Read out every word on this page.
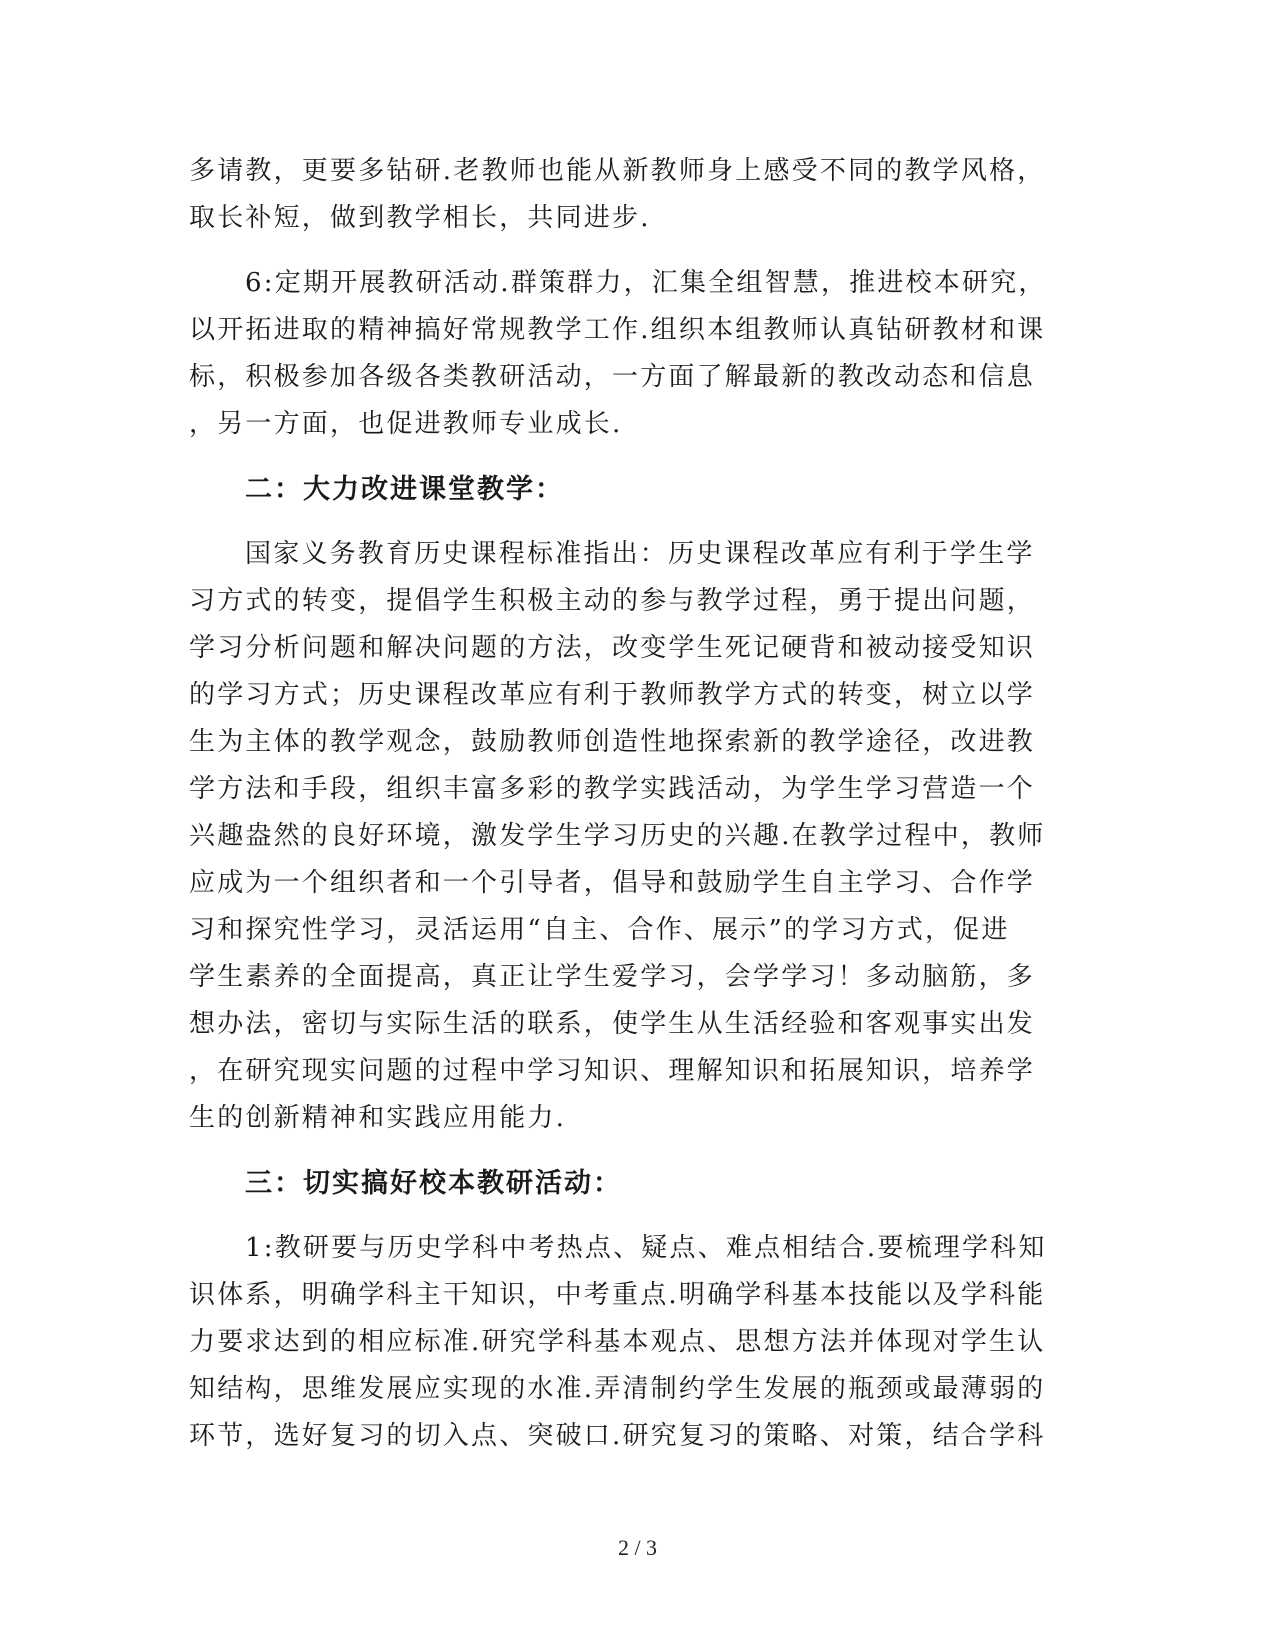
多请教，更要多钻研.老教师也能从新教师身上感受不同的教学风格，
取长补短，做到教学相长，共同进步.
6:定期开展教研活动.群策群力，汇集全组智慧，推进校本研究，
以开拓进取的精神搞好常规教学工作.组织本组教师认真钻研教材和课
标，积极参加各级各类教研活动，一方面了解最新的教改动态和信息
，另一方面，也促进教师专业成长.
二：大力改进课堂教学：
国家义务教育历史课程标准指出：历史课程改革应有利于学生学
习方式的转变，提倡学生积极主动的参与教学过程，勇于提出问题，
学习分析问题和解决问题的方法，改变学生死记硬背和被动接受知识
的学习方式；历史课程改革应有利于教师教学方式的转变，树立以学
生为主体的教学观念，鼓励教师创造性地探索新的教学途径，改进教
学方法和手段，组织丰富多彩的教学实践活动，为学生学习营造一个
兴趣盎然的良好环境，激发学生学习历史的兴趣.在教学过程中，教师
应成为一个组织者和一个引导者，倡导和鼓励学生自主学习、合作学
习和探究性学习，灵活运用“自主、合作、展示”的学习方式，促进
学生素养的全面提高，真正让学生爱学习，会学学习！多动脑筋，多
想办法，密切与实际生活的联系，使学生从生活经验和客观事实出发
，在研究现实问题的过程中学习知识、理解知识和拓展知识，培养学
生的创新精神和实践应用能力.
三：切实搞好校本教研活动：
1:教研要与历史学科中考热点、疑点、难点相结合.要梳理学科知
识体系，明确学科主干知识，中考重点.明确学科基本技能以及学科能
力要求达到的相应标准.研究学科基本观点、思想方法并体现对学生认
知结构，思维发展应实现的水准.弄清制约学生发展的瓶颈或最薄弱的
环节，选好复习的切入点、突破口.研究复习的策略、对策，结合学科
2 / 3
